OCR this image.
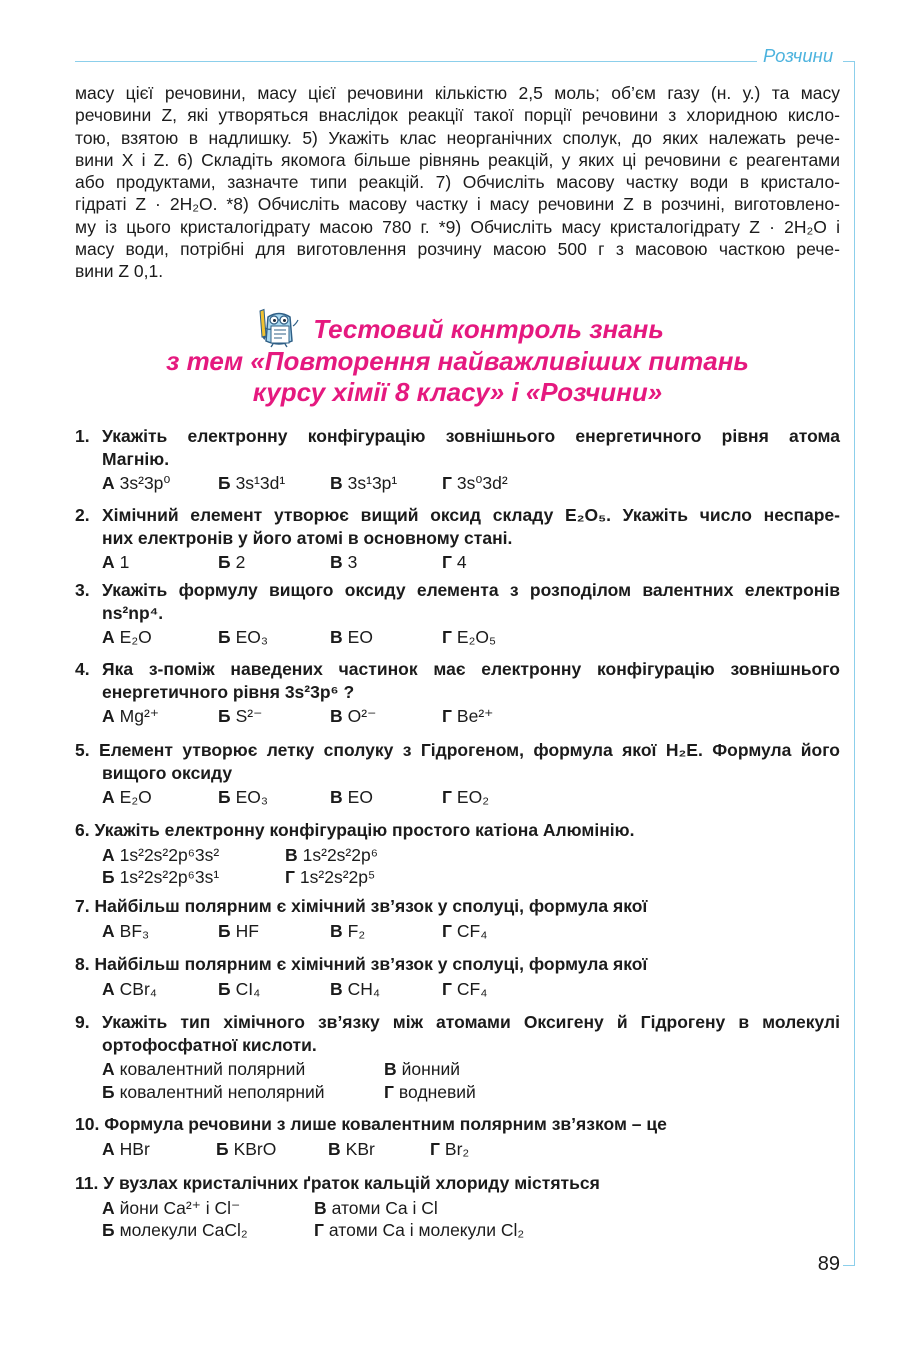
Розчини
89
масу цієї речовини, масу цієї речовини кількістю 2,5 моль; об’єм газу (н. у.) та масу
речовини Z, які утворяться внаслідок реакції такої порції речовини з хлоридною кисло-
тою, взятою в надлишку. 5) Укажіть клас неорганічних сполук, до яких належать рече-
вини X і Z. 6) Складіть якомога більше рівнянь реакцій, у яких ці речовини є реагентами
або продуктами, зазначте типи реакцій. 7) Обчисліть масову частку води в кристало-
гідраті Z · 2H₂O. *8) Обчисліть масову частку і масу речовини Z в розчині, виготовлено-
му із цього кристалогідрату масою 780 г. *9) Обчисліть масу кристалогідрату Z · 2H₂O і
масу води, потрібні для виготовлення розчину масою 500 г з масовою часткою рече-
вини Z 0,1.
Тестовий контроль знань
з тем «Повторення найважливіших питань
курсу хімії 8 класу» і «Розчини»
1. Укажіть електронну конфігурацію зовнішнього енергетичного рівня атома
Магнію.
А 3s²3p⁰	Б 3s¹3d¹	В 3s¹3p¹	Г 3s⁰3d²
2. Хімічний елемент утворює вищий оксид складу E₂O₅. Укажіть число неспаре-
них електронів у його атомі в основному стані.
А 1	Б 2	В 3	Г 4
3. Укажіть формулу вищого оксиду елемента з розподілом валентних електронів
ns²np⁴.
А E₂O	Б EO₃	В EO	Г E₂O₅
4. Яка з-поміж наведених частинок має електронну конфігурацію зовнішнього
енергетичного рівня 3s²3p⁶ ?
А Mg²⁺	Б S²⁻	В O²⁻	Г Be²⁺
5. Елемент утворює летку сполуку з Гідрогеном, формула якої H₂E. Формула його
вищого оксиду
А E₂O	Б EO₃	В EO	Г EO₂
6. Укажіть електронну конфігурацію простого катіона Алюмінію.
А 1s²2s²2p⁶3s²	В 1s²2s²2p⁶
Б 1s²2s²2p⁶3s¹	Г 1s²2s²2p⁵
7. Найбільш полярним є хімічний зв’язок у сполуці, формула якої
А BF₃	Б HF	В F₂	Г CF₄
8. Найбільш полярним є хімічний зв’язок у сполуці, формула якої
А CBr₄	Б CI₄	В CH₄	Г CF₄
9. Укажіть тип хімічного зв’язку між атомами Оксигену й Гідрогену в молекулі
ортофосфатної кислоти.
А ковалентний полярний	В йонний
Б ковалентний неполярний	Г водневий
10. Формула речовини з лише ковалентним полярним зв’язком – це
А HBr	Б KBrO	В KBr	Г Br₂
11. У вузлах кристалічних ґраток кальцій хлориду містяться
А йони Ca²⁺ і Cl⁻	В атоми Ca і Cl
Б молекули CaCl₂	Г атоми Ca і молекули Cl₂
